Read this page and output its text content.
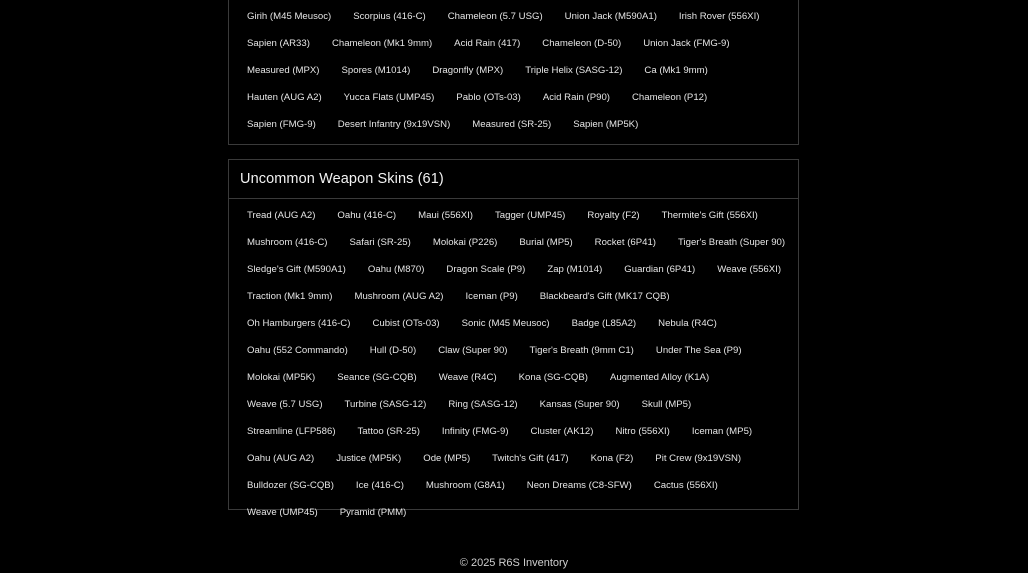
Girih (M45 Meusoc)	Scorpius (416-C)	Chameleon (5.7 USG)	Union Jack (M590A1)	Irish Rover (556XI)
Sapien (AR33)	Chameleon (Mk1 9mm)	Acid Rain (417)	Chameleon (D-50)	Union Jack (FMG-9)
Measured (MPX)	Spores (M1014)	Dragonfly (MPX)	Triple Helix (SASG-12)	Ca (Mk1 9mm)
Hauten (AUG A2)	Yucca Flats (UMP45)	Pablo (OTs-03)	Acid Rain (P90)	Chameleon (P12)
Sapien (FMG-9)	Desert Infantry (9x19VSN)	Measured (SR-25)	Sapien (MP5K)
Uncommon Weapon Skins (61)
Tread (AUG A2)	Oahu (416-C)	Maui (556XI)	Tagger (UMP45)	Royalty (F2)	Thermite's Gift (556XI)
Mushroom (416-C)	Safari (SR-25)	Molokai (P226)	Burial (MP5)	Rocket (6P41)	Tiger's Breath (Super 90)
Sledge's Gift (M590A1)	Oahu (M870)	Dragon Scale (P9)	Zap (M1014)	Guardian (6P41)	Weave (556XI)
Traction (Mk1 9mm)	Mushroom (AUG A2)	Iceman (P9)	Blackbeard's Gift (MK17 CQB)
Oh Hamburgers (416-C)	Cubist (OTs-03)	Sonic (M45 Meusoc)	Badge (L85A2)	Nebula (R4C)
Oahu (552 Commando)	Hull (D-50)	Claw (Super 90)	Tiger's Breath (9mm C1)	Under The Sea (P9)
Molokai (MP5K)	Seance (SG-CQB)	Weave (R4C)	Kona (SG-CQB)	Augmented Alloy (K1A)
Weave (5.7 USG)	Turbine (SASG-12)	Ring (SASG-12)	Kansas (Super 90)	Skull (MP5)
Streamline (LFP586)	Tattoo (SR-25)	Infinity (FMG-9)	Cluster (AK12)	Nitro (556XI)	Iceman (MP5)
Oahu (AUG A2)	Justice (MP5K)	Ode (MP5)	Twitch's Gift (417)	Kona (F2)	Pit Crew (9x19VSN)
Bulldozer (SG-CQB)	Ice (416-C)	Mushroom (G8A1)	Neon Dreams (C8-SFW)	Cactus (556XI)
Weave (UMP45)	Pyramid (PMM)
© 2025 R6S Inventory
